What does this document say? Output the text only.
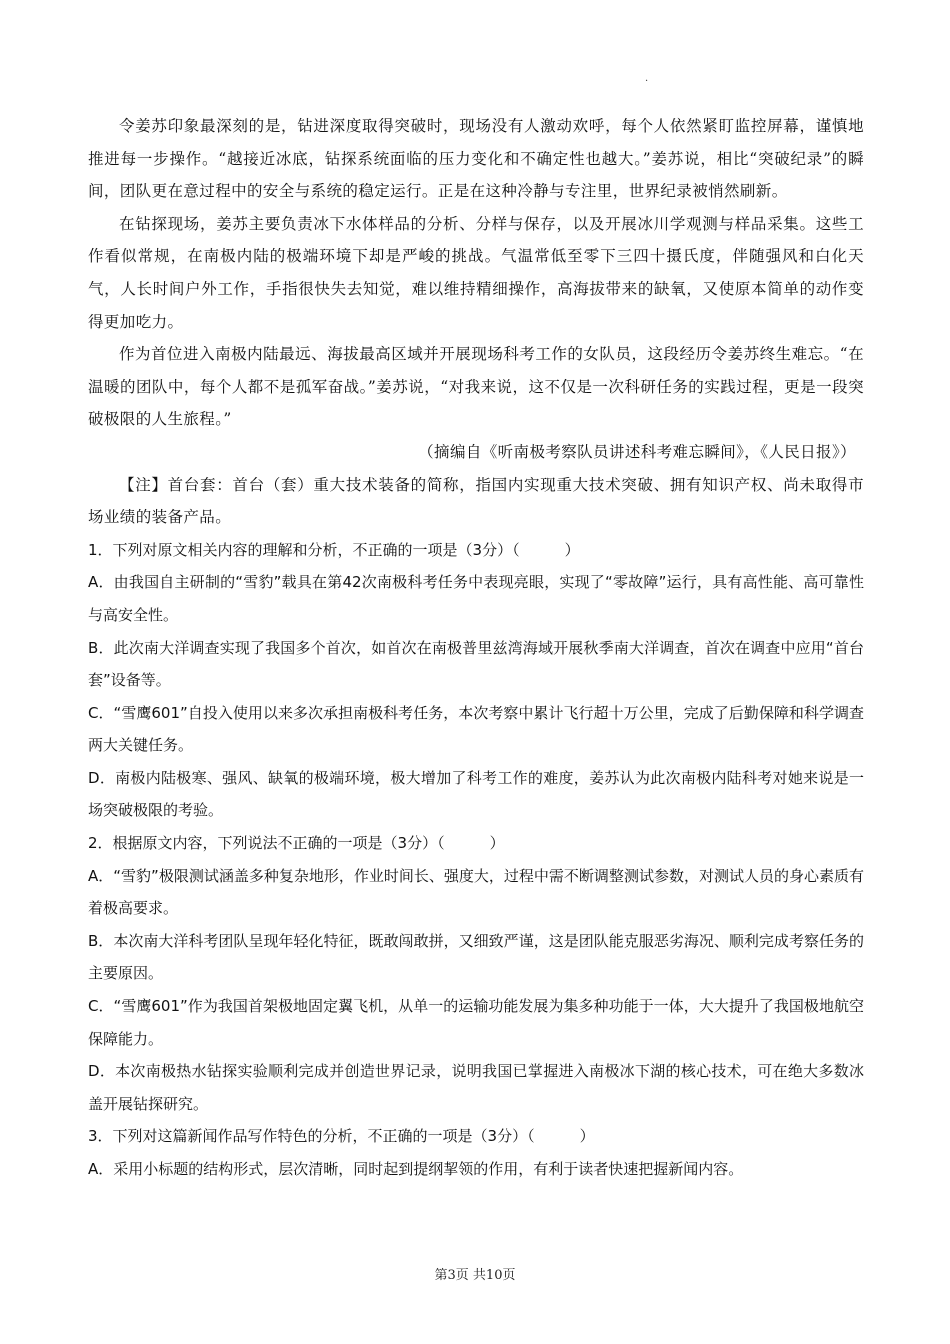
·

令姜苏印象最深刻的是，钻进深度取得突破时，现场没有人激动欢呼，每个人依然紧盯监控屏幕，谨慎地推进每一步操作。“越接近冰底，钻探系统面临的压力变化和不确定性也越大。”姜苏说，相比“突破纪录”的瞬间，团队更在意过程中的安全与系统的稳定运行。正是在这种冷静与专注里，世界纪录被悄然刷新。

在钻探现场，姜苏主要负责冰下水体样品的分析、分样与保存，以及开展冰川学观测与样品采集。这些工作看似常规，在南极内陆的极端环境下却是严峻的挑战。气温常低至零下三四十摄氏度，伴随强风和白化天气，人长时间户外工作，手指很快失去知觉，难以维持精细操作，高海拔带来的缺氧，又使原本简单的动作变得更加吃力。

作为首位进入南极内陆最远、海拔最高区域并开展现场科考工作的女队员，这段经历令姜苏终生难忘。“在温暖的团队中，每个人都不是孤军奋战。”姜苏说，“对我来说，这不仅是一次科研任务的实践过程，更是一段突破极限的人生旅程。”

（摘编自《听南极考察队员讲述科考难忘瞬间》，《人民日报》）

【注】首台套：首台（套）重大技术装备的简称，指国内实现重大技术突破、拥有知识产权、尚未取得市场业绩的装备产品。

1．下列对原文相关内容的理解和分析，不正确的一项是（3分）（　　　）

A．由我国自主研制的“雪豹”载具在第42次南极科考任务中表现亮眼，实现了“零故障”运行，具有高性能、高可靠性与高安全性。

B．此次南大洋调查实现了我国多个首次，如首次在南极普里兹湾海域开展秋季南大洋调查，首次在调查中应用“首台套”设备等。

C．“雪鹰601”自投入使用以来多次承担南极科考任务，本次考察中累计飞行超十万公里，完成了后勤保障和科学调查两大关键任务。

D．南极内陆极寒、强风、缺氧的极端环境，极大增加了科考工作的难度，姜苏认为此次南极内陆科考对她来说是一场突破极限的考验。

2．根据原文内容，下列说法不正确的一项是（3分）（　　　）

A．“雪豹”极限测试涵盖多种复杂地形，作业时间长、强度大，过程中需不断调整测试参数，对测试人员的身心素质有着极高要求。

B．本次南大洋科考团队呈现年轻化特征，既敢闯敢拼，又细致严谨，这是团队能克服恶劣海况、顺利完成考察任务的主要原因。

C．“雪鹰601”作为我国首架极地固定翼飞机，从单一的运输功能发展为集多种功能于一体，大大提升了我国极地航空保障能力。

D．本次南极热水钻探实验顺利完成并创造世界记录，说明我国已掌握进入南极冰下湖的核心技术，可在绝大多数冰盖开展钻探研究。

3．下列对这篇新闻作品写作特色的分析，不正确的一项是（3分）（　　　）

A．采用小标题的结构形式，层次清晰，同时起到提纲挈领的作用，有利于读者快速把握新闻内容。

第3页 共10页
